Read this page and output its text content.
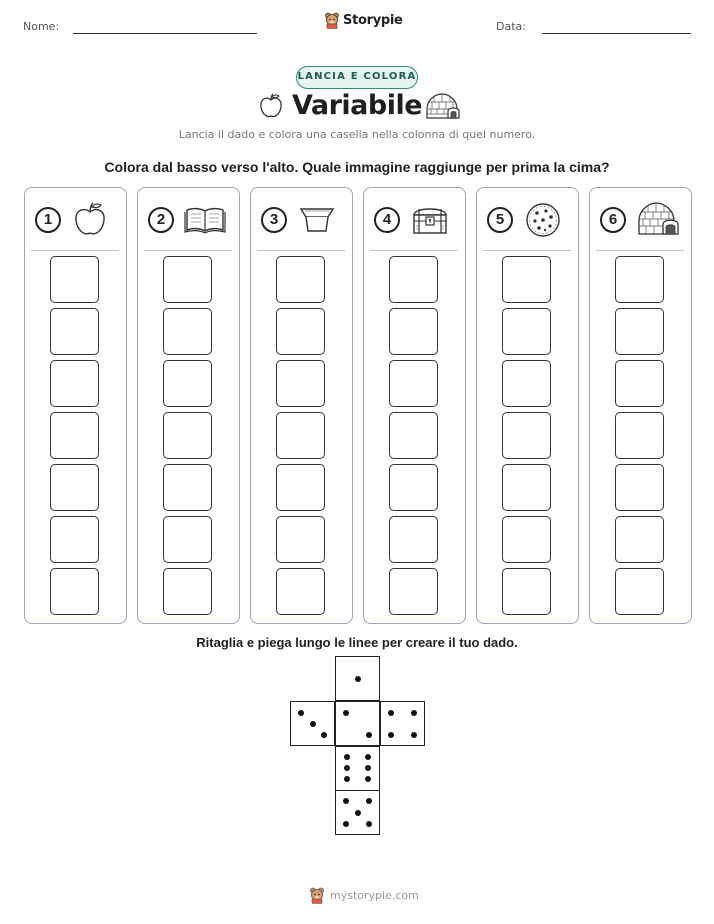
Nome:	Storypie	Data:
LANCIA E COLORA
Variabile
Lancia il dado e colora una casella nella colonna di quel numero.
Colora dal basso verso l'alto. Quale immagine raggiunge per prima la cima?
1	2	3	4	5	6
Ritaglia e piega lungo le linee per creare il tuo dado.
mystorypie.com
